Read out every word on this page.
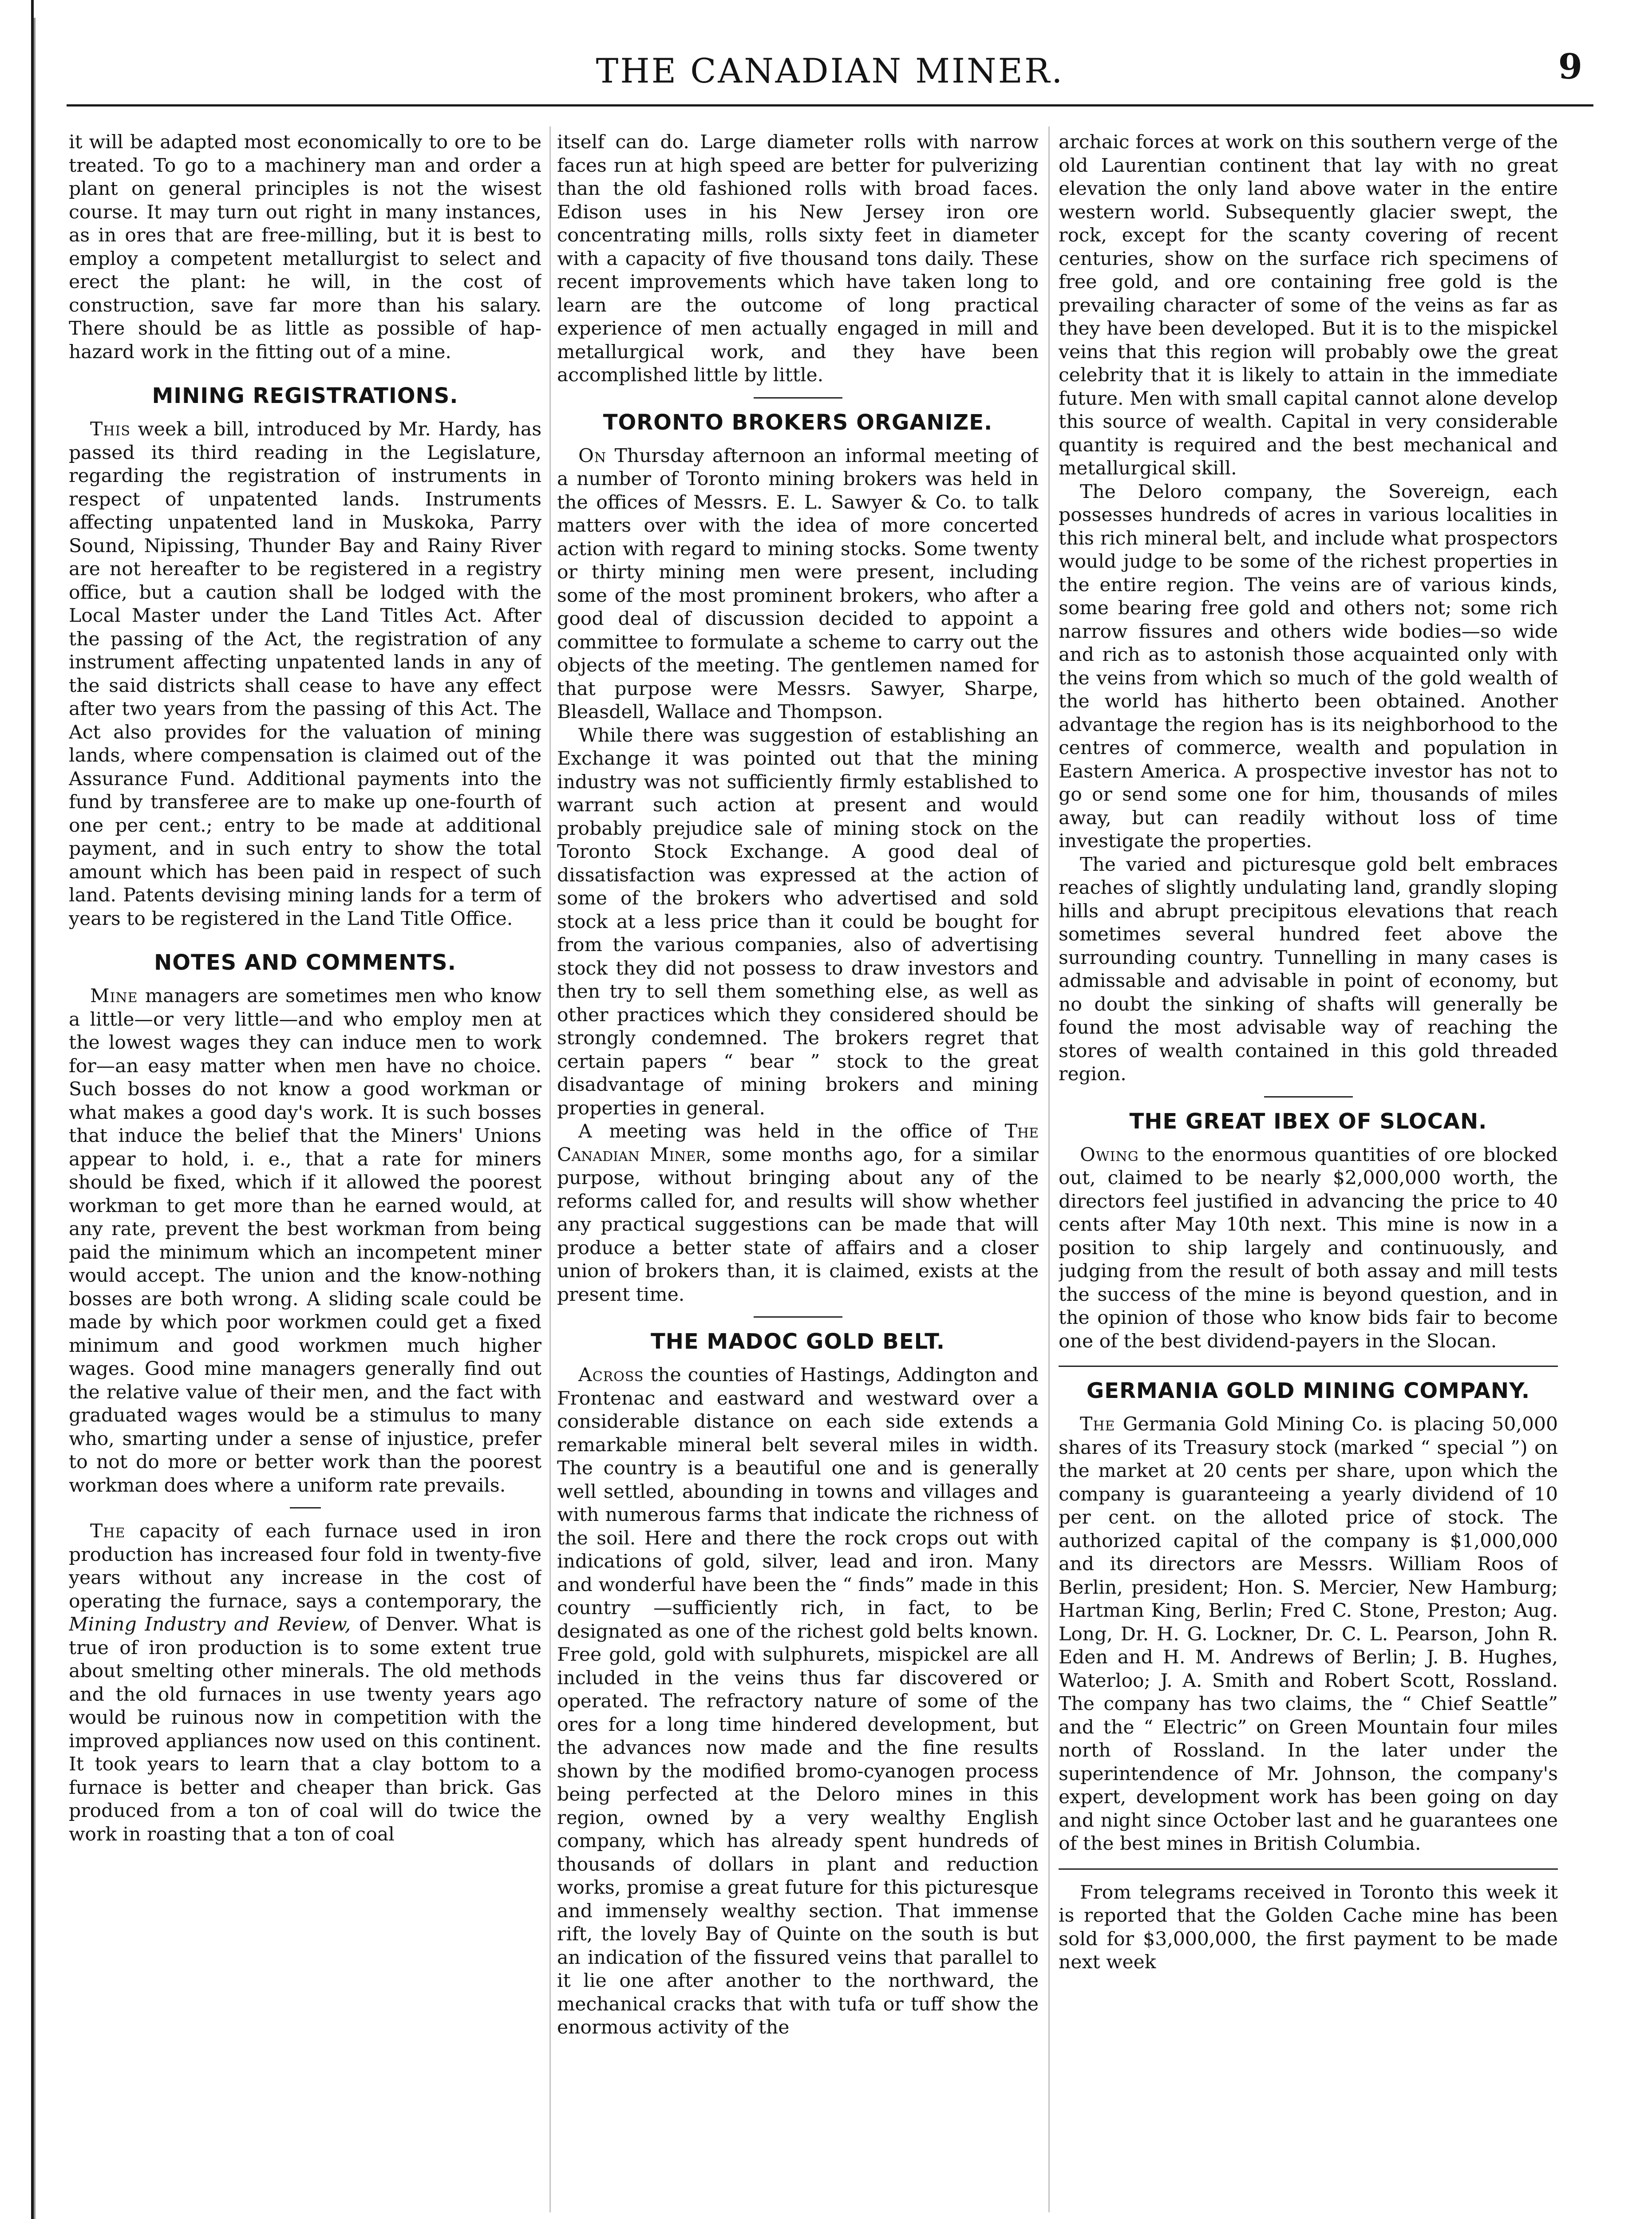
THE CANADIAN MINER.	9

it will be adapted most economically to ore to be treated. To go to a machinery man and order a plant on general principles is not the wisest course. It may turn out right in many instances, as in ores that are free-milling, but it is best to employ a competent metallurgist to select and erect the plant: he will, in the cost of construction, save far more than his salary. There should be as little as possible of hap-hazard work in the fitting out of a mine.

MINING REGISTRATIONS.

This week a bill, introduced by Mr. Hardy, has passed its third reading in the Legislature, regarding the registration of instruments in respect of unpatented lands. Instruments affecting unpatented land in Muskoka, Parry Sound, Nipissing, Thunder Bay and Rainy River are not hereafter to be registered in a registry office, but a caution shall be lodged with the Local Master under the Land Titles Act. After the passing of the Act, the registration of any instrument affecting unpatented lands in any of the said districts shall cease to have any effect after two years from the passing of this Act. The Act also provides for the valuation of mining lands, where compensation is claimed out of the Assurance Fund. Additional payments into the fund by transferee are to make up one-fourth of one per cent.; entry to be made at additional payment, and in such entry to show the total amount which has been paid in respect of such land. Patents devising mining lands for a term of years to be registered in the Land Title Office.

NOTES AND COMMENTS.

Mine managers are sometimes men who know a little—or very little—and who employ men at the lowest wages they can induce men to work for—an easy matter when men have no choice. Such bosses do not know a good workman or what makes a good day's work. It is such bosses that induce the belief that the Miners' Unions appear to hold, i. e., that a rate for miners should be fixed, which if it allowed the poorest workman to get more than he earned would, at any rate, prevent the best workman from being paid the minimum which an incompetent miner would accept. The union and the know-nothing bosses are both wrong. A sliding scale could be made by which poor workmen could get a fixed minimum and good workmen much higher wages. Good mine managers generally find out the relative value of their men, and the fact with graduated wages would be a stimulus to many who, smarting under a sense of injustice, prefer to not do more or better work than the poorest workman does where a uniform rate prevails.

The capacity of each furnace used in iron production has increased four fold in twenty-five years without any increase in the cost of operating the furnace, says a contemporary, the Mining Industry and Review, of Denver. What is true of iron production is to some extent true about smelting other minerals. The old methods and the old furnaces in use twenty years ago would be ruinous now in competition with the improved appliances now used on this continent. It took years to learn that a clay bottom to a furnace is better and cheaper than brick. Gas produced from a ton of coal will do twice the work in roasting that a ton of coal

itself can do. Large diameter rolls with narrow faces run at high speed are better for pulverizing than the old fashioned rolls with broad faces. Edison uses in his New Jersey iron ore concentrating mills, rolls sixty feet in diameter with a capacity of five thousand tons daily. These recent improvements which have taken long to learn are the outcome of long practical experience of men actually engaged in mill and metallurgical work, and they have been accomplished little by little.

TORONTO BROKERS ORGANIZE.

On Thursday afternoon an informal meeting of a number of Toronto mining brokers was held in the offices of Messrs. E. L. Sawyer & Co. to talk matters over with the idea of more concerted action with regard to mining stocks. Some twenty or thirty mining men were present, including some of the most prominent brokers, who after a good deal of discussion decided to appoint a committee to formulate a scheme to carry out the objects of the meeting. The gentlemen named for that purpose were Messrs. Sawyer, Sharpe, Bleasdell, Wallace and Thompson.

While there was suggestion of establishing an Exchange it was pointed out that the mining industry was not sufficiently firmly established to warrant such action at present and would probably prejudice sale of mining stock on the Toronto Stock Exchange. A good deal of dissatisfaction was expressed at the action of some of the brokers who advertised and sold stock at a less price than it could be bought for from the various companies, also of advertising stock they did not possess to draw investors and then try to sell them something else, as well as other practices which they considered should be strongly condemned. The brokers regret that certain papers “ bear ” stock to the great disadvantage of mining brokers and mining properties in general.

A meeting was held in the office of The Canadian Miner, some months ago, for a similar purpose, without bringing about any of the reforms called for, and results will show whether any practical suggestions can be made that will produce a better state of affairs and a closer union of brokers than, it is claimed, exists at the present time.

THE MADOC GOLD BELT.

Across the counties of Hastings, Addington and Frontenac and eastward and westward over a considerable distance on each side extends a remarkable mineral belt several miles in width. The country is a beautiful one and is generally well settled, abounding in towns and villages and with numerous farms that indicate the richness of the soil. Here and there the rock crops out with indications of gold, silver, lead and iron. Many and wonderful have been the “ finds” made in this country —sufficiently rich, in fact, to be designated as one of the richest gold belts known. Free gold, gold with sulphurets, mispickel are all included in the veins thus far discovered or operated. The refractory nature of some of the ores for a long time hindered development, but the advances now made and the fine results shown by the modified bromo-cyanogen process being perfected at the Deloro mines in this region, owned by a very wealthy English company, which has already spent hundreds of thousands of dollars in plant and reduction works, promise a great future for this picturesque and immensely wealthy section. That immense rift, the lovely Bay of Quinte on the south is but an indication of the fissured veins that parallel to it lie one after another to the northward, the mechanical cracks that with tufa or tuff show the enormous activity of the

archaic forces at work on this southern verge of the old Laurentian continent that lay with no great elevation the only land above water in the entire western world. Subsequently glacier swept, the rock, except for the scanty covering of recent centuries, show on the surface rich specimens of free gold, and ore containing free gold is the prevailing character of some of the veins as far as they have been developed. But it is to the mispickel veins that this region will probably owe the great celebrity that it is likely to attain in the immediate future. Men with small capital cannot alone develop this source of wealth. Capital in very considerable quantity is required and the best mechanical and metallurgical skill.

The Deloro company, the Sovereign, each possesses hundreds of acres in various localities in this rich mineral belt, and include what prospectors would judge to be some of the richest properties in the entire region. The veins are of various kinds, some bearing free gold and others not; some rich narrow fissures and others wide bodies—so wide and rich as to astonish those acquainted only with the veins from which so much of the gold wealth of the world has hitherto been obtained. Another advantage the region has is its neighborhood to the centres of commerce, wealth and population in Eastern America. A prospective investor has not to go or send some one for him, thousands of miles away, but can readily without loss of time investigate the properties.

The varied and picturesque gold belt embraces reaches of slightly undulating land, grandly sloping hills and abrupt precipitous elevations that reach sometimes several hundred feet above the surrounding country. Tunnelling in many cases is admissable and advisable in point of economy, but no doubt the sinking of shafts will generally be found the most advisable way of reaching the stores of wealth contained in this gold threaded region.

THE GREAT IBEX OF SLOCAN.

Owing to the enormous quantities of ore blocked out, claimed to be nearly $2,000,000 worth, the directors feel justified in advancing the price to 40 cents after May 10th next. This mine is now in a position to ship largely and continuously, and judging from the result of both assay and mill tests the success of the mine is beyond question, and in the opinion of those who know bids fair to become one of the best dividend-payers in the Slocan.

GERMANIA GOLD MINING COMPANY.

The Germania Gold Mining Co. is placing 50,000 shares of its Treasury stock (marked “ special ”) on the market at 20 cents per share, upon which the company is guaranteeing a yearly dividend of 10 per cent. on the alloted price of stock. The authorized capital of the company is $1,000,000 and its directors are Messrs. William Roos of Berlin, president; Hon. S. Mercier, New Hamburg; Hartman King, Berlin; Fred C. Stone, Preston; Aug. Long, Dr. H. G. Lockner, Dr. C. L. Pearson, John R. Eden and H. M. Andrews of Berlin; J. B. Hughes, Waterloo; J. A. Smith and Robert Scott, Rossland. The company has two claims, the “ Chief Seattle” and the “ Electric” on Green Mountain four miles north of Rossland. In the later under the superintendence of Mr. Johnson, the company's expert, development work has been going on day and night since October last and he guarantees one of the best mines in British Columbia.

From telegrams received in Toronto this week it is reported that the Golden Cache mine has been sold for $3,000,000, the first payment to be made next week
